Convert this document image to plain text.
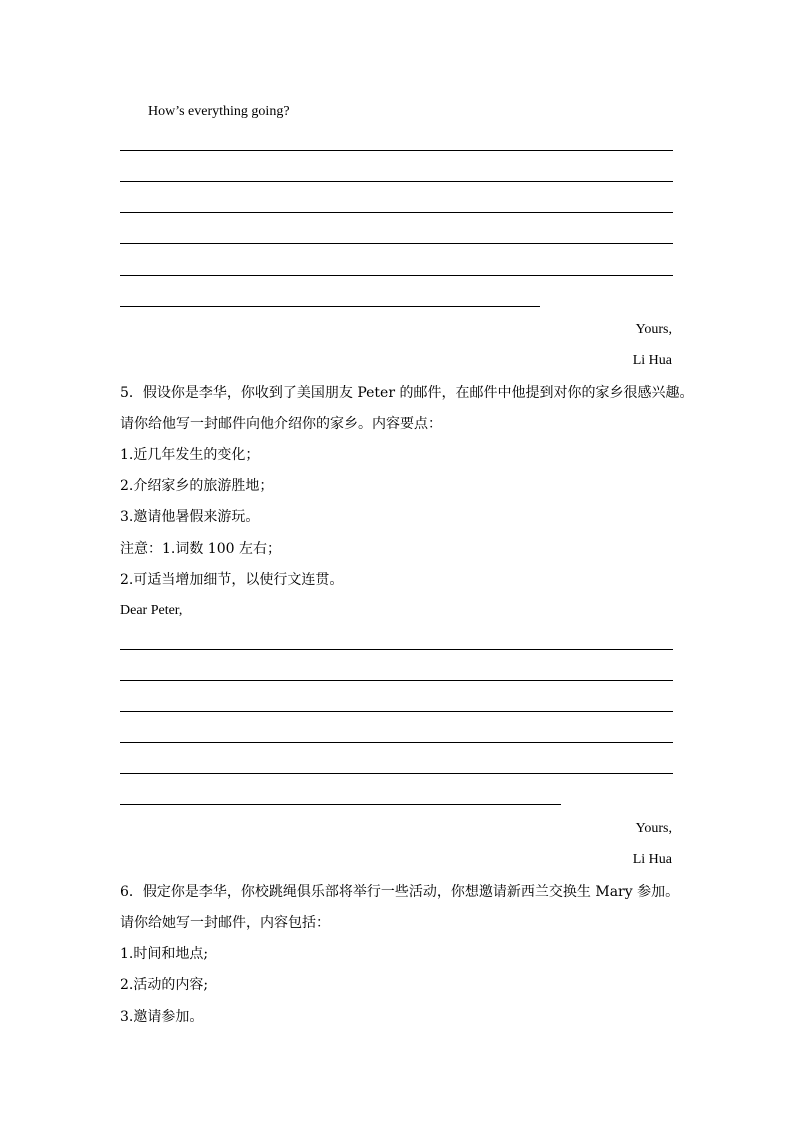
How’s everything going?
Yours,
Li Hua
5．假设你是李华，你收到了美国朋友 Peter 的邮件，在邮件中他提到对你的家乡很感兴趣。
请你给他写一封邮件向他介绍你的家乡。内容要点：
1.近几年发生的变化；
2.介绍家乡的旅游胜地；
3.邀请他暑假来游玩。
注意：1.词数 100 左右；
2.可适当增加细节，以使行文连贯。
Dear Peter,
Yours,
Li Hua
6．假定你是李华，你校跳绳俱乐部将举行一些活动，你想邀请新西兰交换生 Mary 参加。
请你给她写一封邮件，内容包括：
1.时间和地点;
2.活动的内容;
3.邀请参加。
